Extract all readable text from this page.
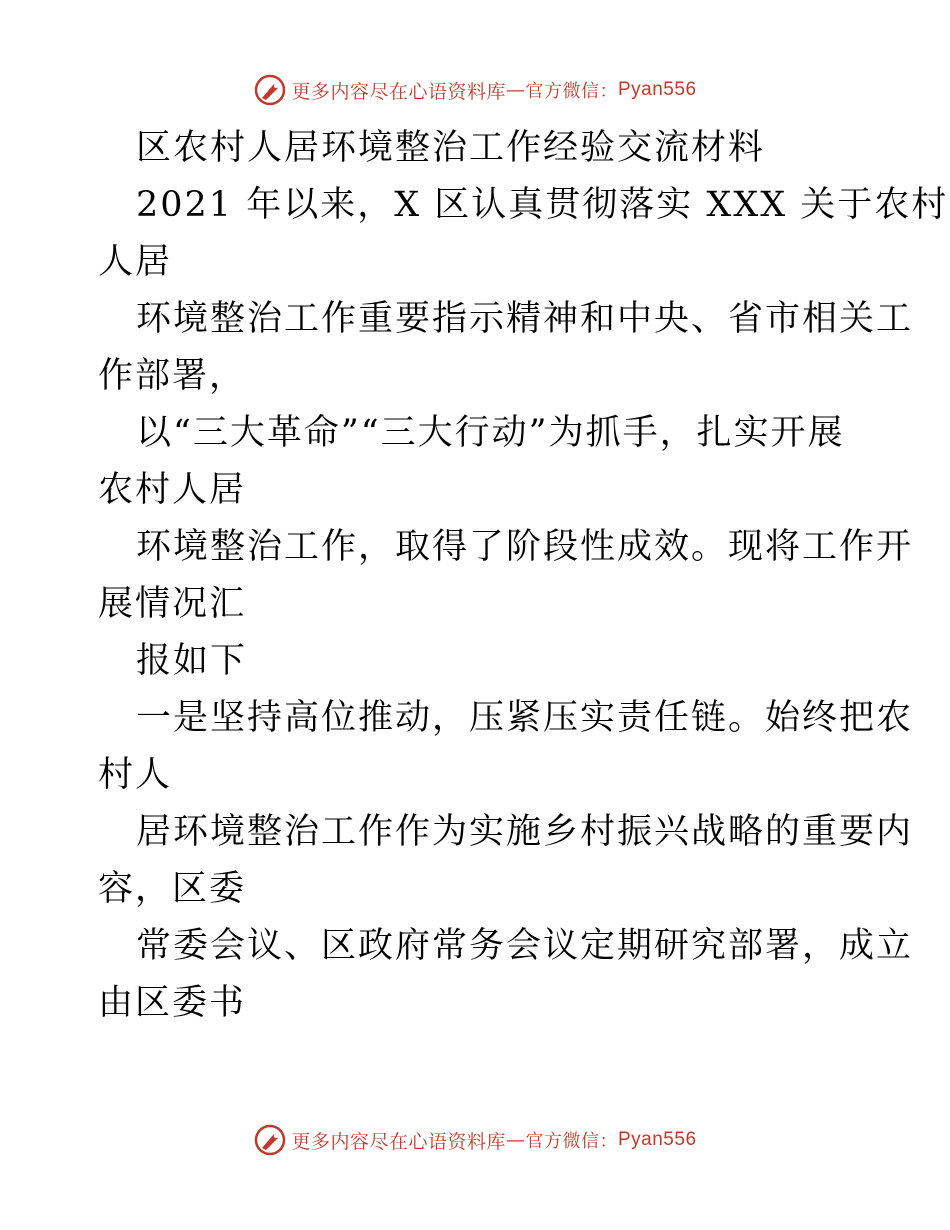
更多内容尽在心语资料库 — 官方微信： Pyan556
区农村人居环境整治工作经验交流材料
2021 年以来，X 区认真贯彻落实 XXX 关于农村
人居
环境整治工作重要指示精神和中央、省市相关工
作部署，
以“三大革命”“三大行动”为抓手，扎实开展
农村人居
环境整治工作，取得了阶段性成效。现将工作开
展情况汇
报如下
一是坚持高位推动，压紧压实责任链。始终把农
村人
居环境整治工作作为实施乡村振兴战略的重要内
容，区委
常委会议、区政府常务会议定期研究部署，成立
由区委书
更多内容尽在心语资料库 — 官方微信： Pyan556
